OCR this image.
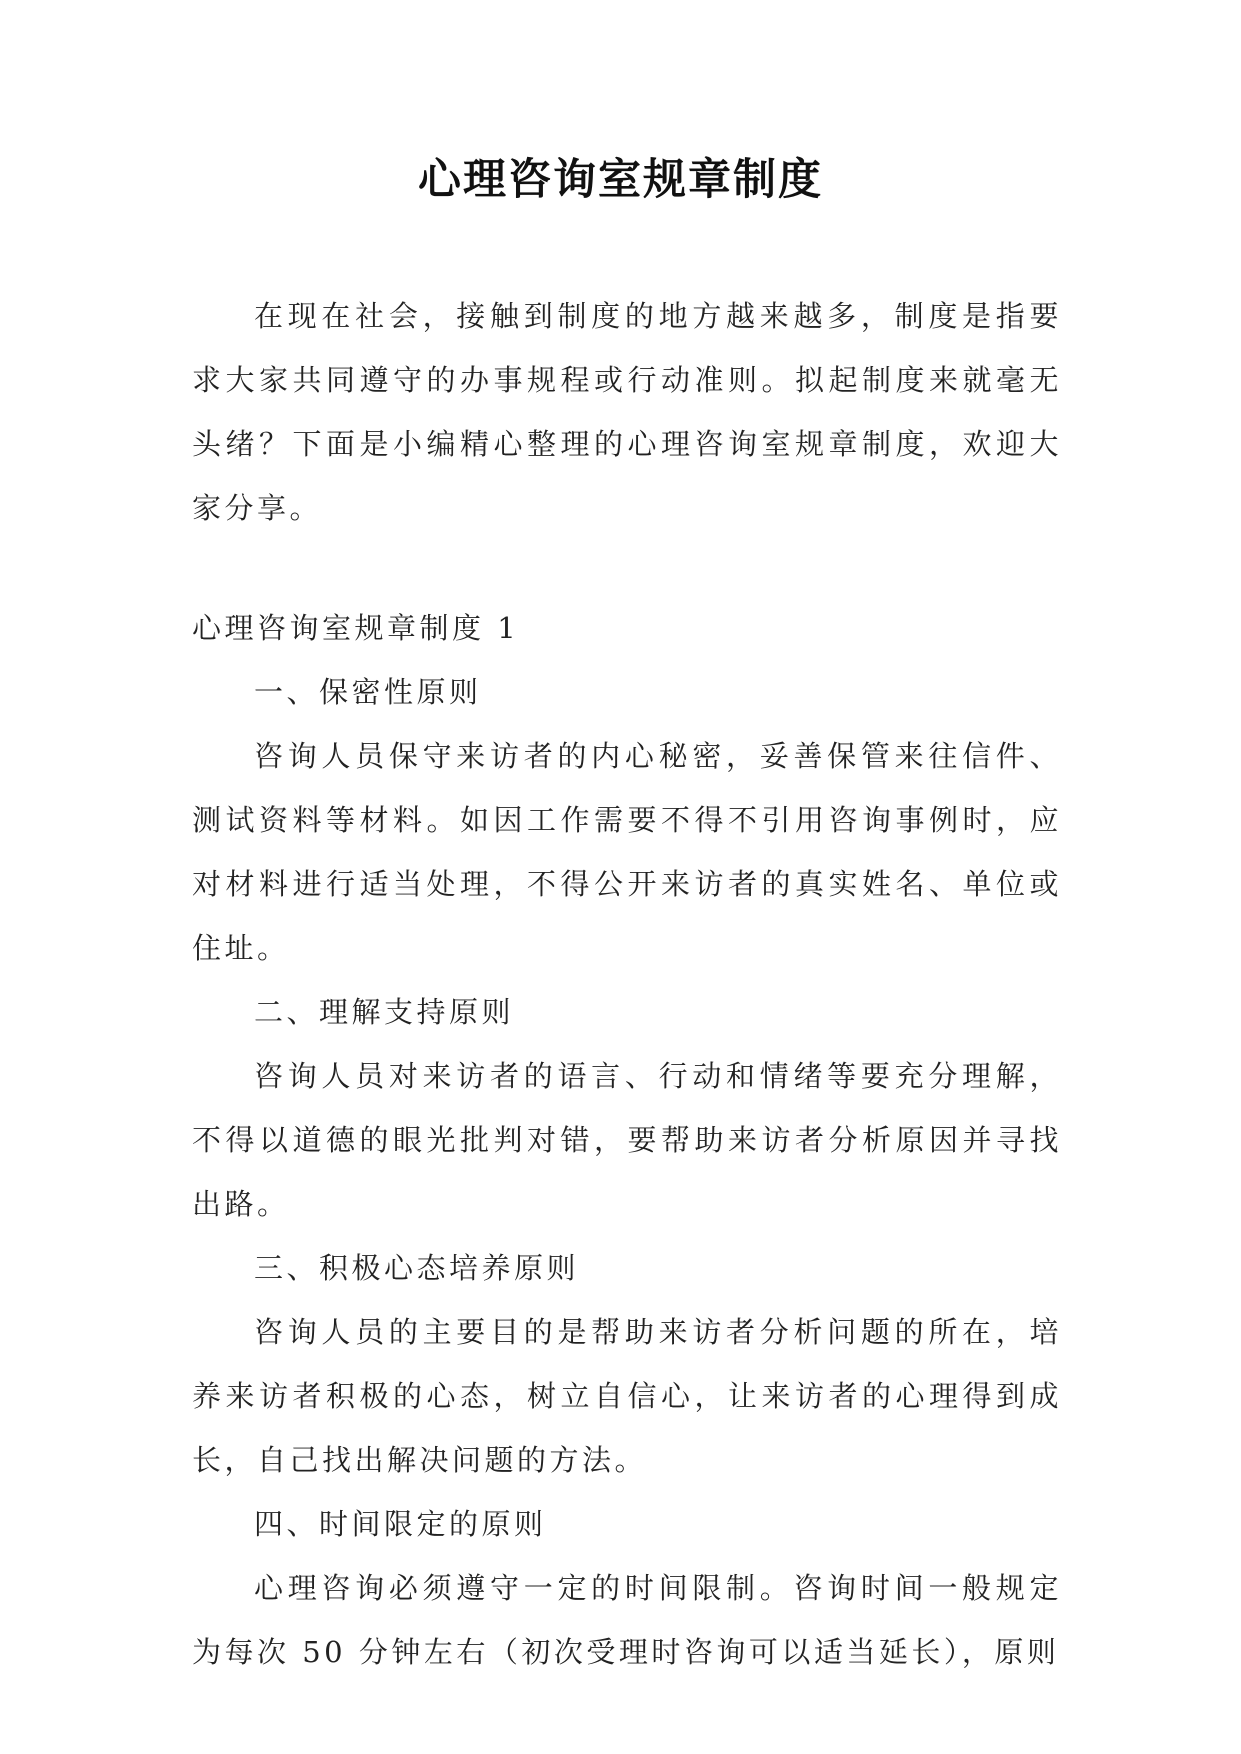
心理咨询室规章制度

在现在社会，接触到制度的地方越来越多，制度是指要求大家共同遵守的办事规程或行动准则。拟起制度来就毫无头绪？下面是小编精心整理的心理咨询室规章制度，欢迎大家分享。

心理咨询室规章制度 1

一、保密性原则

咨询人员保守来访者的内心秘密，妥善保管来往信件、测试资料等材料。如因工作需要不得不引用咨询事例时，应对材料进行适当处理，不得公开来访者的真实姓名、单位或住址。

二、理解支持原则

咨询人员对来访者的语言、行动和情绪等要充分理解，不得以道德的眼光批判对错，要帮助来访者分析原因并寻找出路。

三、积极心态培养原则

咨询人员的主要目的是帮助来访者分析问题的所在，培养来访者积极的心态，树立自信心，让来访者的心理得到成长，自己找出解决问题的方法。

四、时间限定的原则

心理咨询必须遵守一定的时间限制。咨询时间一般规定为每次 50 分钟左右（初次受理时咨询可以适当延长），原则
